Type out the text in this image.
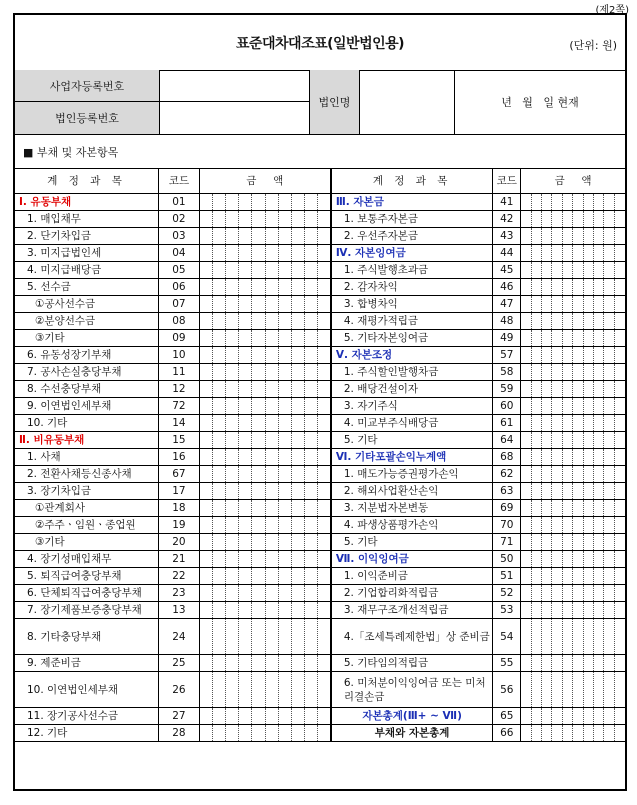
(제2쪽)
표준대차대조표(일반법인용)	(단위: 원)
사업자등록번호
법인등록번호
법인명	년   월   일 현재
■ 부채 및 자본항목
계 정 과 목	코드	금     액										계 정 과 목	코드	금     액									
Ⅰ. 유동부채	01											Ⅲ. 자본금	41										
1. 매입채무	02											1. 보통주자본금	42										
2. 단기차입금	03											2. 우선주자본금	43										
3. 미지급법인세	04											Ⅳ. 자본잉여금	44										
4. 미지급배당금	05											1. 주식발행초과금	45										
5. 선수금	06											2. 감자차익	46										
①공사선수금	07											3. 합병차익	47										
②분양선수금	08											4. 재평가적립금	48										
③기타	09											5. 기타자본잉여금	49										
6. 유동성장기부채	10											Ⅴ. 자본조정	57										
7. 공사손실충당부채	11											1. 주식할인발행차금	58										
8. 수선충당부채	12											2. 배당건설이자	59										
9. 이연법인세부채	72											3. 자기주식	60										
10. 기타	14											4. 미교부주식배당금	61										
Ⅱ. 비유동부채	15											5. 기타	64										
1. 사채	16											Ⅵ. 기타포괄손익누계액	68										
2. 전환사채등신종사채	67											1. 매도가능증권평가손익	62										
3. 장기차입금	17											2. 해외사업환산손익	63										
①관계회사	18											3. 지분법자본변동	69										
②주주ㆍ임원ㆍ종업원	19											4. 파생상품평가손익	70										
③기타	20											5. 기타	71										
4. 장기성매입채무	21											Ⅶ. 이익잉여금	50										
5. 퇴직급여충당부채	22											1. 이익준비금	51										
6. 단체퇴직급여충당부채	23											2. 기업합리화적립금	52										
7. 장기제품보증충당부채	13											3. 재무구조개선적립금	53										
8. 기타충당부채	24											4.「조세특례제한법」상 준비금	54										
9. 제준비금	25											5. 기타임의적립금	55										
10. 이연법인세부채	26											6. 미처분이익잉여금 또는 미처리결손금	56										
11. 장기공사선수금	27											자본총계(Ⅲ+ ~ Ⅶ)	65										
12. 기타	28											부채와 자본총계	66										
